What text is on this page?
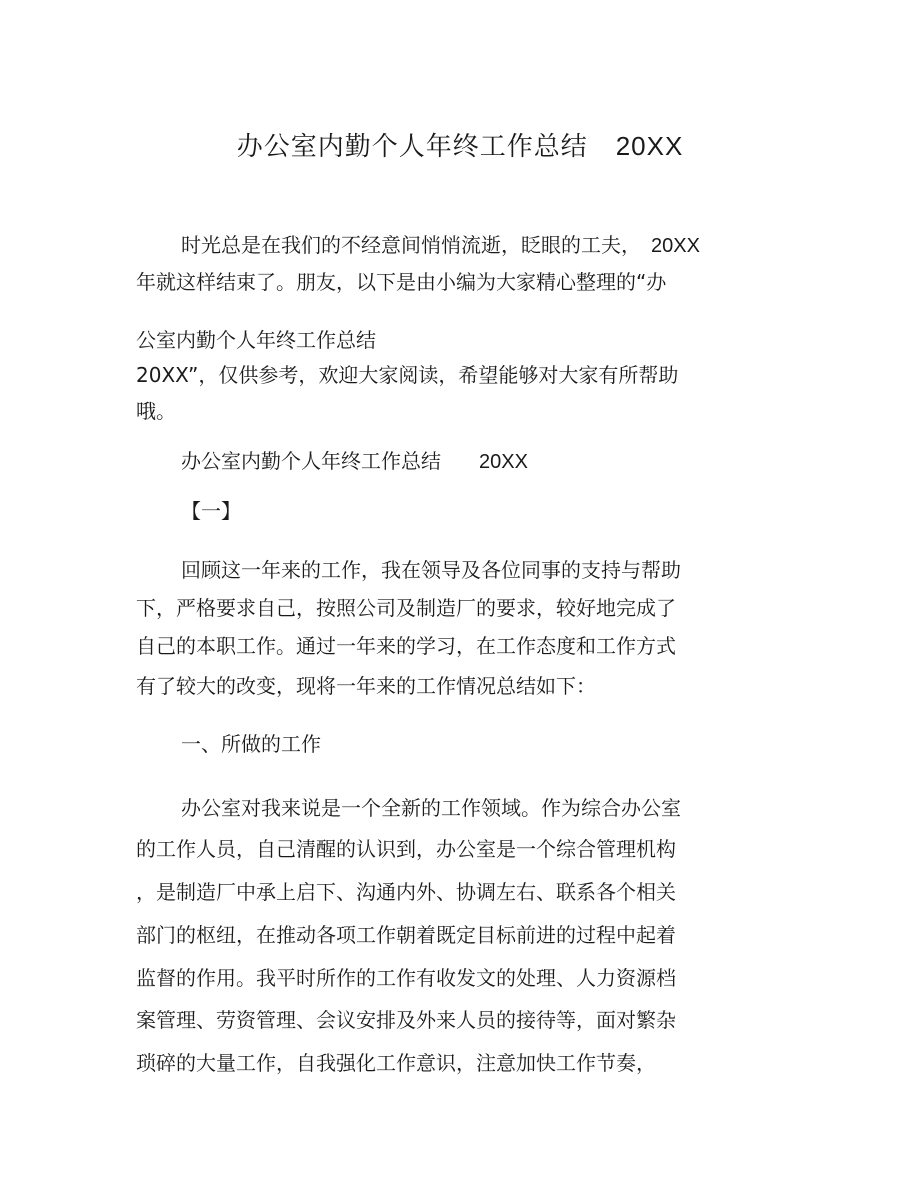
办公室内勤个人年终工作总结 20XX
时光总是在我们的不经意间悄悄流逝，眨眼的工夫， 20XX
年就这样结束了。朋友，以下是由小编为大家精心整理的“办
公室内勤个人年终工作总结
20XX”，仅供参考，欢迎大家阅读，希望能够对大家有所帮助
哦。
办公室内勤个人年终工作总结 20XX
【一】
回顾这一年来的工作，我在领导及各位同事的支持与帮助
下，严格要求自己，按照公司及制造厂的要求，较好地完成了
自己的本职工作。通过一年来的学习，在工作态度和工作方式
有了较大的改变，现将一年来的工作情况总结如下：
一、所做的工作
办公室对我来说是一个全新的工作领域。作为综合办公室
的工作人员，自己清醒的认识到，办公室是一个综合管理机构
，是制造厂中承上启下、沟通内外、协调左右、联系各个相关
部门的枢纽，在推动各项工作朝着既定目标前进的过程中起着
监督的作用。我平时所作的工作有收发文的处理、人力资源档
案管理、劳资管理、会议安排及外来人员的接待等，面对繁杂
琐碎的大量工作，自我强化工作意识，注意加快工作节奏，
